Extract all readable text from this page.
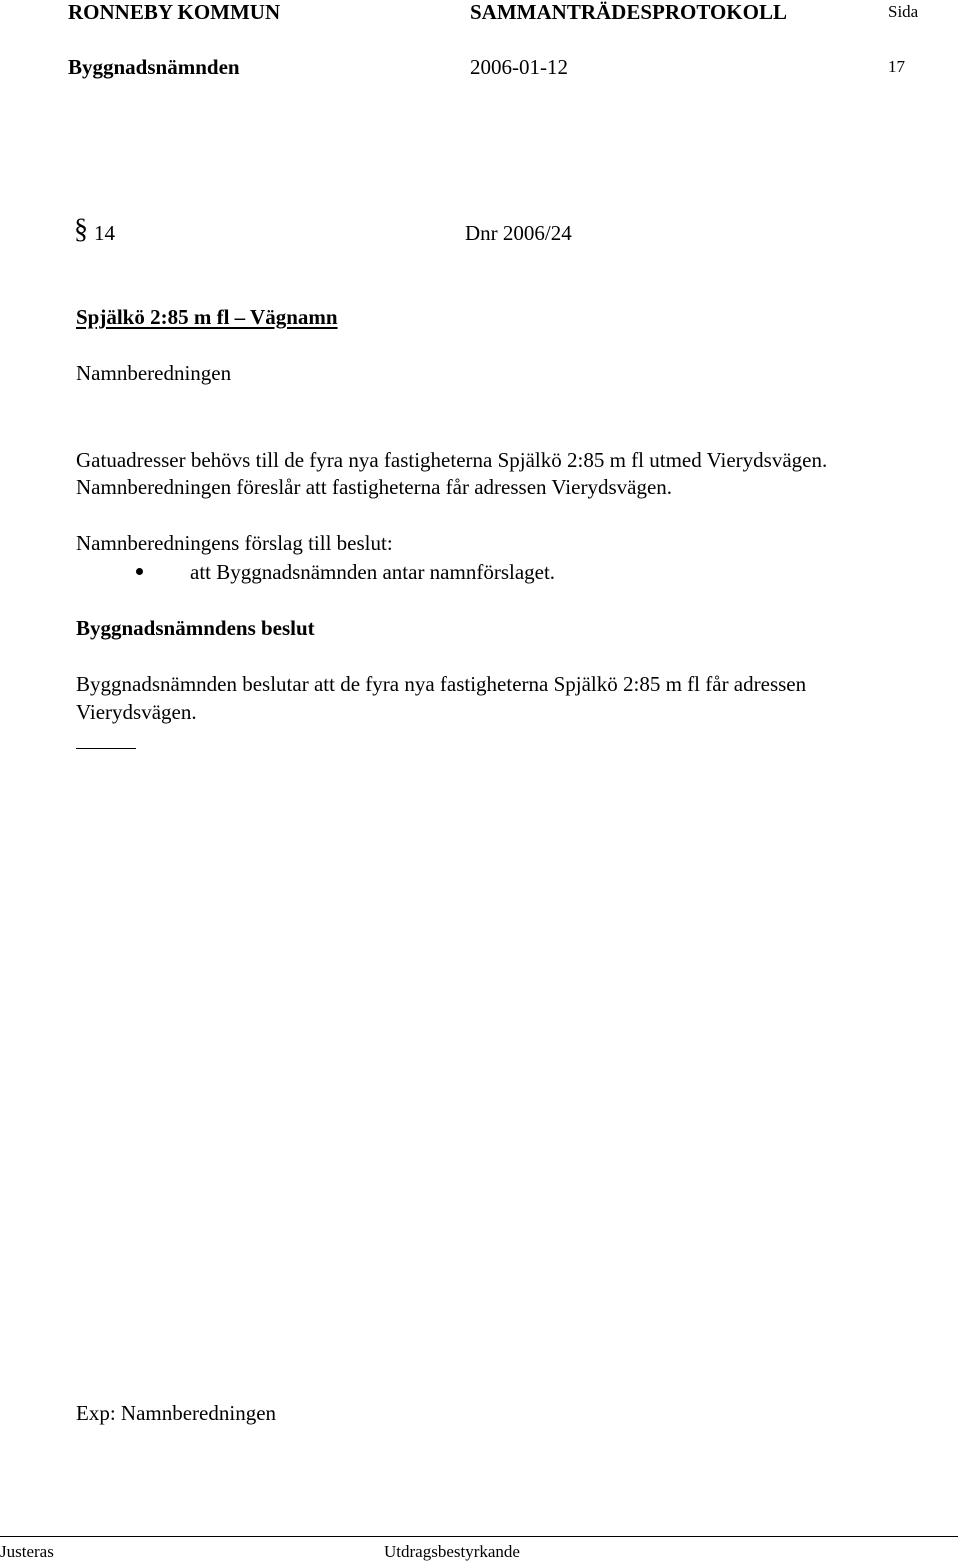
RONNEBY KOMMUN	SAMMANTRÄDESPROTOKOLL	Sida
Byggnadsnämnden	2006-01-12	17
§ 14	Dnr 2006/24
Spjälkö 2:85 m fl – Vägnamn
Namnberedningen
Gatuadresser behövs till de fyra nya fastigheterna Spjälkö 2:85 m fl utmed Vierydsvägen.
Namnberedningen föreslår att fastigheterna får adressen Vierydsvägen.
Namnberedningens förslag till beslut:
att Byggnadsnämnden antar namnförslaget.
Byggnadsnämndens beslut
Byggnadsnämnden beslutar att de fyra nya fastigheterna Spjälkö 2:85 m fl får adressen
Vierydsvägen.
Exp: Namnberedningen
Justeras	Utdragsbestyrkande
